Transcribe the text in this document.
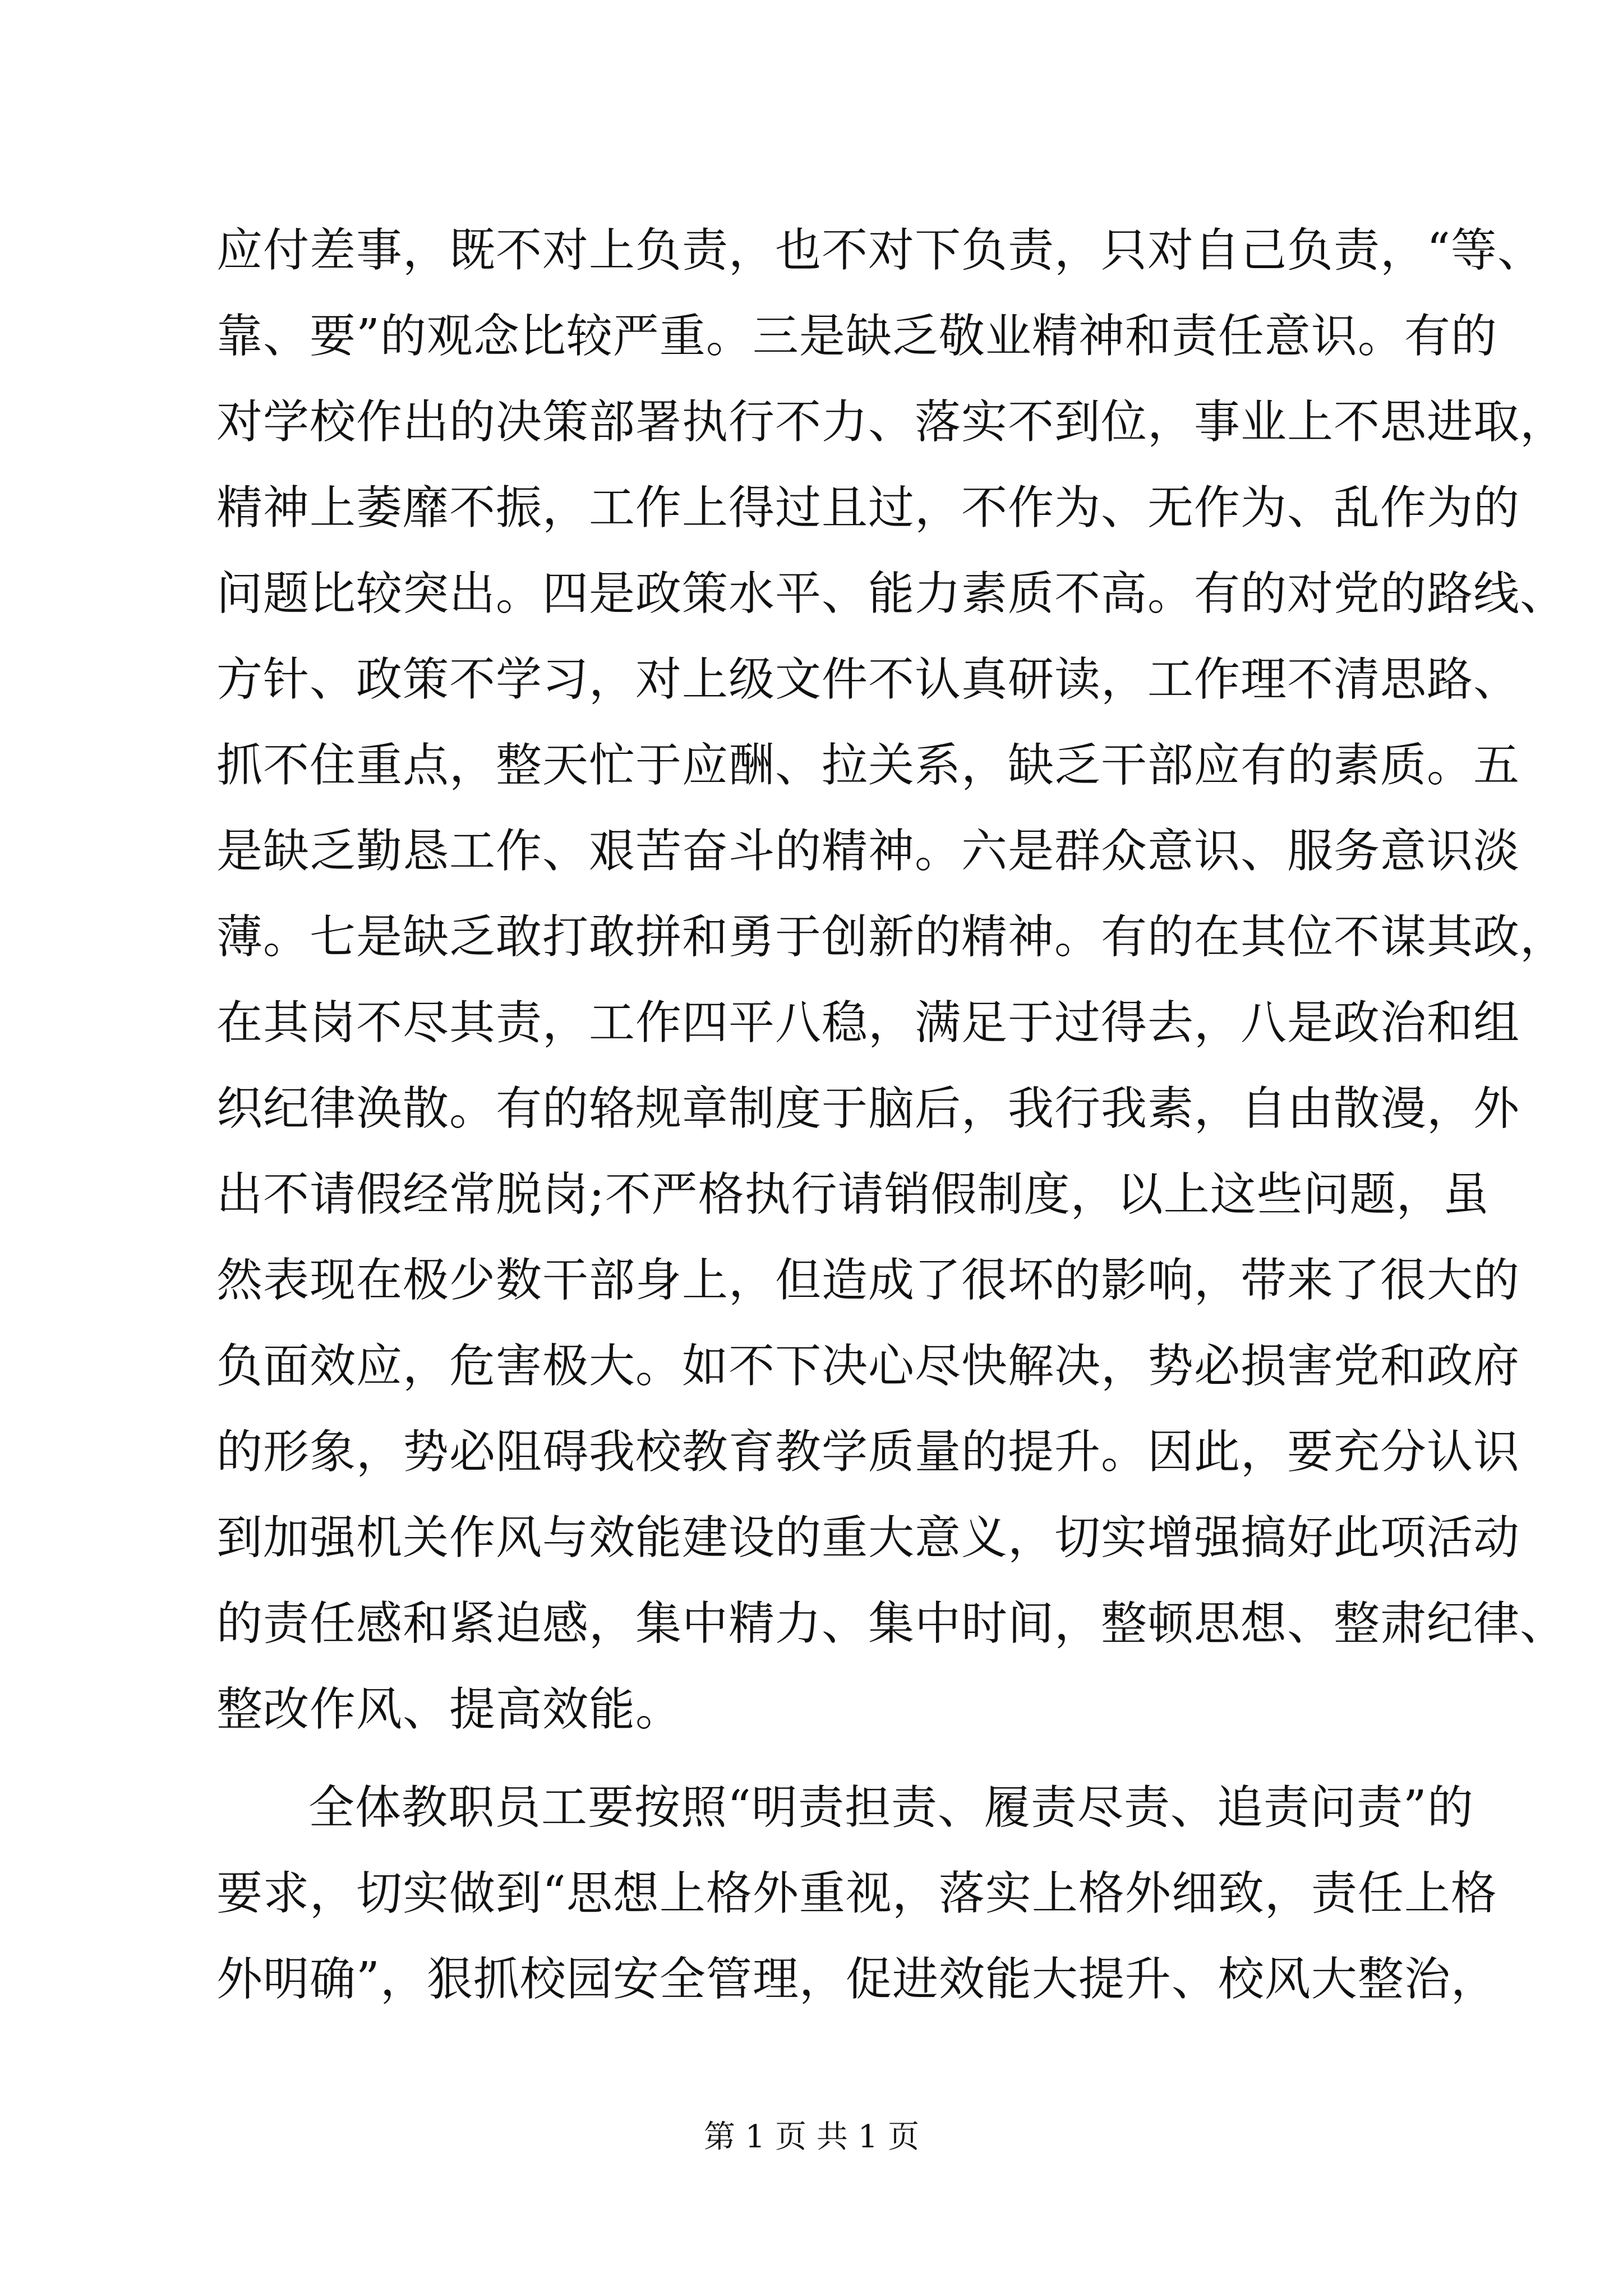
应付差事，既不对上负责，也不对下负责，只对自己负责，“等、
靠、要”的观念比较严重。三是缺乏敬业精神和责任意识。有的
对学校作出的决策部署执行不力、落实不到位，事业上不思进取，
精神上萎靡不振，工作上得过且过，不作为、无作为、乱作为的
问题比较突出。四是政策水平、能力素质不高。有的对党的路线、
方针、政策不学习，对上级文件不认真研读，工作理不清思路、
抓不住重点，整天忙于应酬、拉关系，缺乏干部应有的素质。五
是缺乏勤恳工作、艰苦奋斗的精神。六是群众意识、服务意识淡
薄。七是缺乏敢打敢拼和勇于创新的精神。有的在其位不谋其政，
在其岗不尽其责，工作四平八稳，满足于过得去，八是政治和组
织纪律涣散。有的辂规章制度于脑后，我行我素，自由散漫，外
出不请假经常脱岗;不严格执行请销假制度，以上这些问题，虽
然表现在极少数干部身上，但造成了很坏的影响，带来了很大的
负面效应，危害极大。如不下决心尽快解决，势必损害党和政府
的形象，势必阻碍我校教育教学质量的提升。因此，要充分认识
到加强机关作风与效能建设的重大意义，切实增强搞好此项活动
的责任感和紧迫感，集中精力、集中时间，整顿思想、整肃纪律、
整改作风、提高效能。
全体教职员工要按照“明责担责、履责尽责、追责问责”的
要求，切实做到“思想上格外重视，落实上格外细致，责任上格
外明确”，狠抓校园安全管理，促进效能大提升、校风大整治，
第 1 页 共 1 页
